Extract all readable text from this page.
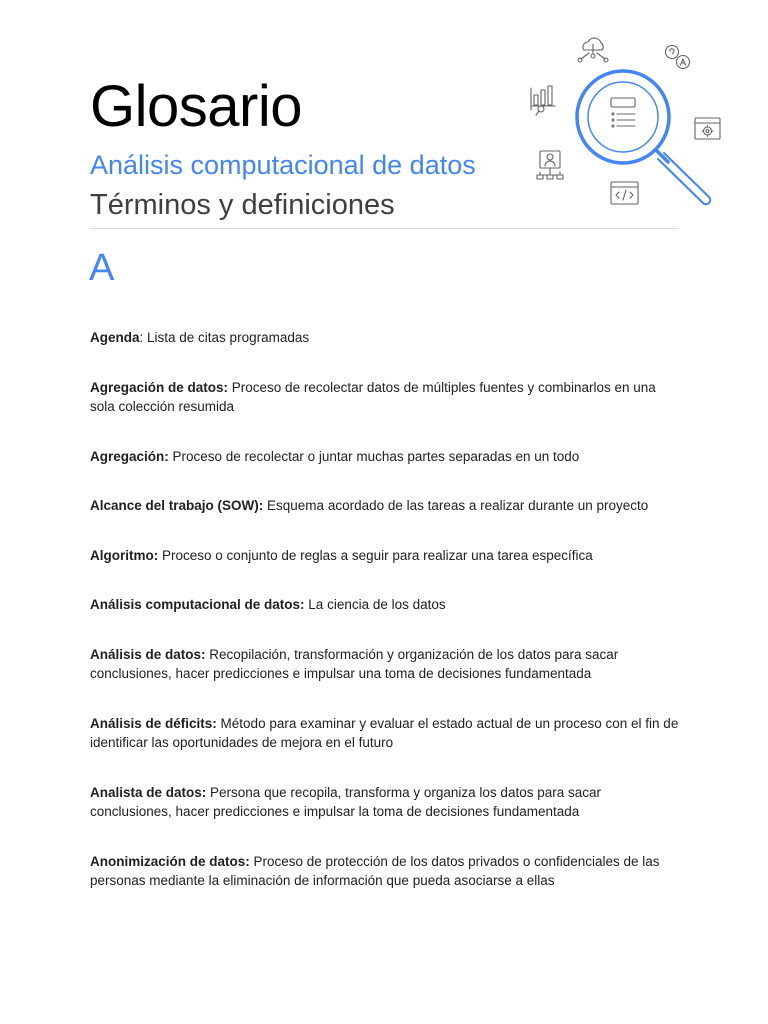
Glosario
Análisis computacional de datos
Términos y definiciones
A
Agenda: Lista de citas programadas
Agregación de datos: Proceso de recolectar datos de múltiples fuentes y combinarlos en una sola colección resumida
Agregación: Proceso de recolectar o juntar muchas partes separadas en un todo
Alcance del trabajo (SOW): Esquema acordado de las tareas a realizar durante un proyecto
Algoritmo: Proceso o conjunto de reglas a seguir para realizar una tarea específica
Análisis computacional de datos: La ciencia de los datos
Análisis de datos: Recopilación, transformación y organización de los datos para sacar conclusiones, hacer predicciones e impulsar una toma de decisiones fundamentada
Análisis de déficits: Método para examinar y evaluar el estado actual de un proceso con el fin de identificar las oportunidades de mejora en el futuro
Analista de datos: Persona que recopila, transforma y organiza los datos para sacar conclusiones, hacer predicciones e impulsar la toma de decisiones fundamentada
Anonimización de datos: Proceso de protección de los datos privados o confidenciales de las personas mediante la eliminación de información que pueda asociarse a ellas
